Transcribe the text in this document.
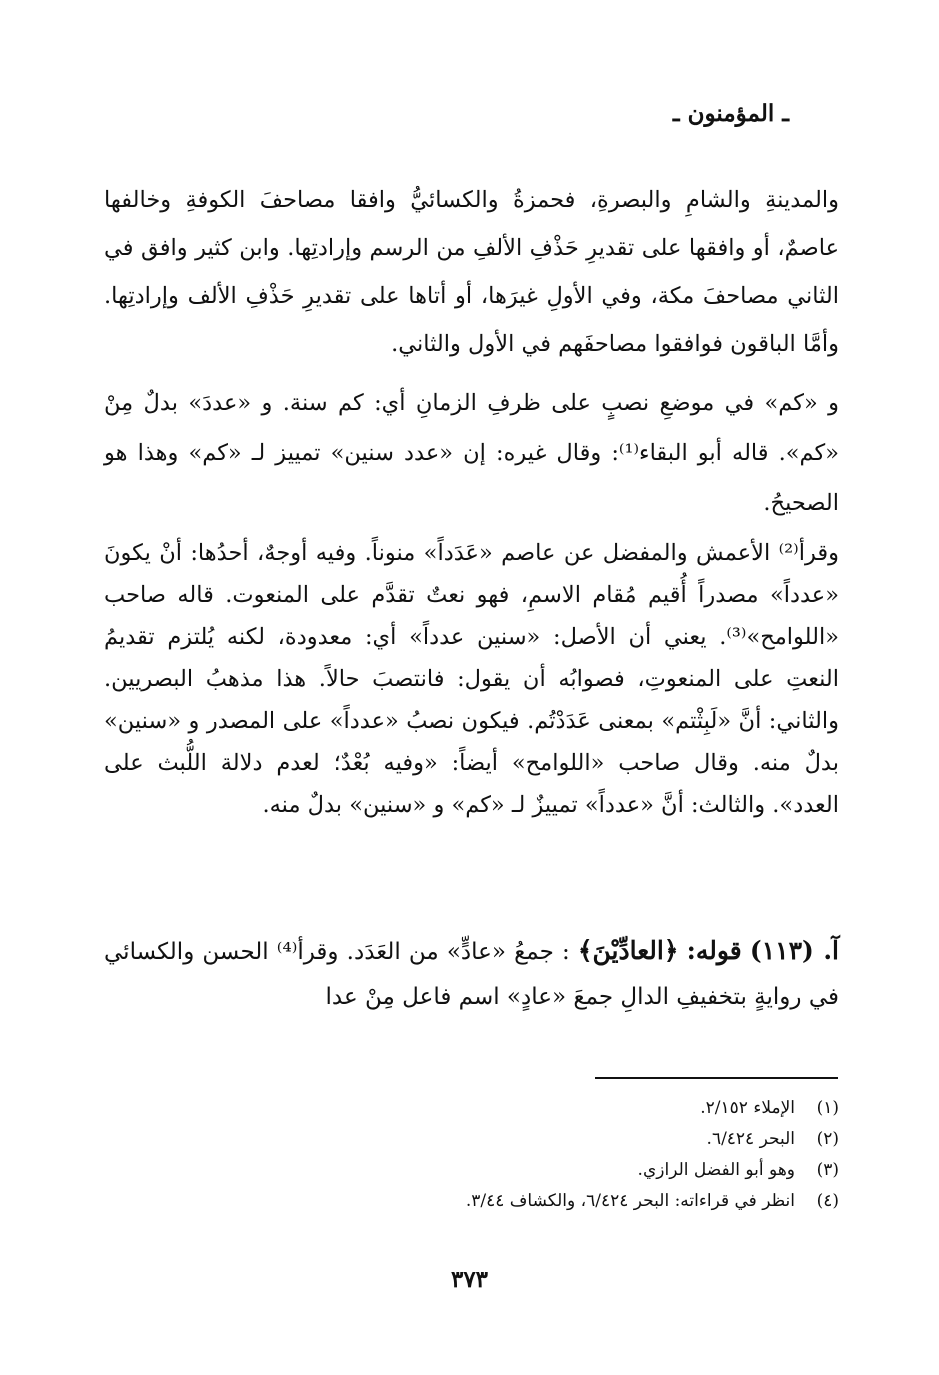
ـ المؤمنون ـ

والمدينةِ والشامِ والبصرةِ، فحمزةُ والكسائيُّ وافقا مصاحفَ الكوفةِ وخالفها عاصمٌ، أو وافقها على تقديرِ حَذْفِ الألفِ من الرسم وإرادتِها. وابن كثير وافق في الثاني مصاحفَ مكة، وفي الأولِ غيرَها، أو أتاها على تقديرِ حَذْفِ الألف وإرادتِها. وأمَّا الباقون فوافقوا مصاحفَهم في الأول والثاني.

و «كم» في موضعِ نصبٍ على ظرفِ الزمانِ أي: كم سنة. و «عددَ» بدلٌ مِنْ «كم». قاله أبو البقاء⁽¹⁾: وقال غيره: إن «عدد سنين» تمييز لـ «كم» وهذا هو الصحيحُ.

وقرأ⁽²⁾ الأعمش والمفضل عن عاصم «عَدَداً» منوناً. وفيه أوجهٌ، أحدُها: أنْ يكونَ «عدداً» مصدراً أُقيم مُقام الاسمِ، فهو نعتٌ تقدَّم على المنعوت. قاله صاحب «اللوامح»⁽³⁾. يعني أن الأصل: «سنين عدداً» أي: معدودة، لكنه يُلتزم تقديمُ النعتِ على المنعوتِ، فصوابُه أن يقول: فانتصبَ حالاً. هذا مذهبُ البصريين. والثاني: أنَّ «لَبِثْتم» بمعنى عَدَدْتُم. فيكون نصبُ «عدداً» على المصدر و «سنين» بدلٌ منه. وقال صاحب «اللوامح» أيضاً: «وفيه بُعْدٌ؛ لعدم دلالة اللُّبث على العدد». والثالث: أنَّ «عدداً» تمييزٌ لـ «كم» و «سنين» بدلٌ منه.

آ. (١١٣) قوله: ﴿العادِّيْنَ﴾ : جمعُ «عادٍّ» من العَدَد. وقرأ⁽⁴⁾ الحسن والكسائي في روايةٍ بتخفيفِ الدالِ جمعَ «عادٍ» اسم فاعل مِنْ عدا

(١)
الإملاء ٢/١٥٢.
(٢)
البحر ٦/٤٢٤.
(٣)
وهو أبو الفضل الرازي.
(٤)
انظر في قراءاته: البحر ٦/٤٢٤، والكشاف ٣/٤٤.
٣٧٣
